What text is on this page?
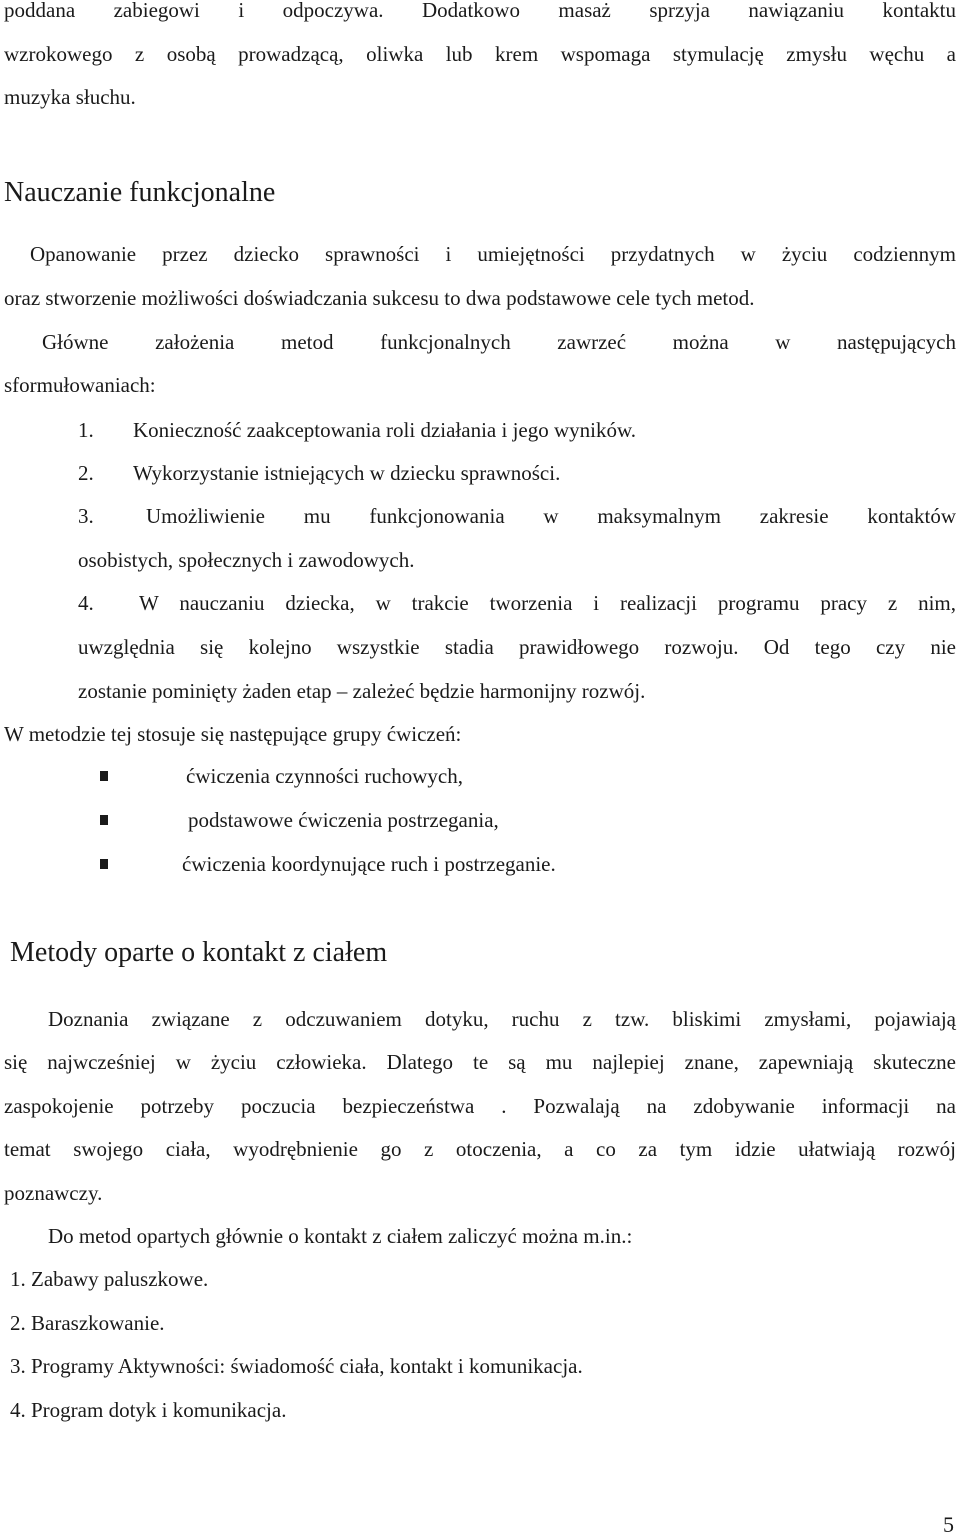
poddana zabiegowi i odpoczywa. Dodatkowo masaż sprzyja nawiązaniu kontaktu
wzrokowego z osobą prowadzącą, oliwka lub krem wspomaga stymulację zmysłu węchu a
muzyka słuchu.
Nauczanie funkcjonalne
Opanowanie przez dziecko sprawności i umiejętności przydatnych w życiu codziennym
oraz stworzenie możliwości doświadczania sukcesu to dwa podstawowe cele tych metod.
Główne założenia metod funkcjonalnych zawrzeć można w następujących
sformułowaniach:
1.	Konieczność zaakceptowania roli działania i jego wyników.
2.	Wykorzystanie istniejących w dziecku sprawności.
3.	Umożliwienie mu funkcjonowania w maksymalnym zakresie kontaktów
osobistych, społecznych i zawodowych.
4.	W nauczaniu dziecka, w trakcie tworzenia i realizacji programu pracy z nim,
uwzględnia się kolejno wszystkie stadia prawidłowego rozwoju. Od tego czy nie
zostanie pominięty żaden etap – zależeć będzie harmonijny rozwój.
W metodzie tej stosuje się następujące grupy ćwiczeń:
ćwiczenia czynności ruchowych,
podstawowe ćwiczenia postrzegania,
ćwiczenia koordynujące ruch i postrzeganie.
Metody oparte o kontakt z ciałem
Doznania związane z odczuwaniem dotyku, ruchu z tzw. bliskimi zmysłami, pojawiają
się najwcześniej w życiu człowieka. Dlatego te są mu najlepiej znane, zapewniają skuteczne
zaspokojenie potrzeby poczucia bezpieczeństwa . Pozwalają na zdobywanie informacji na
temat swojego ciała, wyodrębnienie go z otoczenia, a co za tym idzie ułatwiają rozwój
poznawczy.
Do metod opartych głównie o kontakt z ciałem zaliczyć można m.in.:
1. Zabawy paluszkowe.
2. Baraszkowanie.
3. Programy Aktywności: świadomość ciała, kontakt i komunikacja.
4. Program dotyk i komunikacja.
5
